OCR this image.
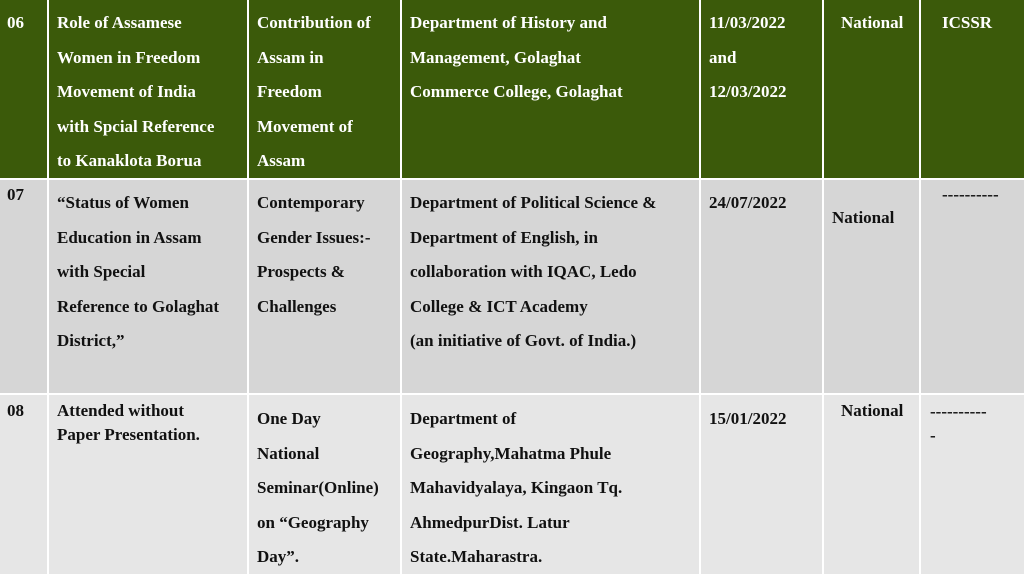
06 Role of Assamese
Women in Freedom
Movement of India
with Spcial Reference
to Kanaklota Borua
Contribution of
Assam in
Freedom
Movement of
Assam
Department of History and
Management, Golaghat
Commerce College, Golaghat
11/03/2022
and
12/03/2022
National ICSSR
07 “Status of Women
Education in Assam
with Special
Reference to Golaghat
District,”
Contemporary
Gender Issues:-
Prospects &
Challenges
Department of Political Science &
Department of English, in
collaboration with IQAC, Ledo
College & ICT Academy
(an initiative of Govt. of India.)
24/07/2022
National
----------
08 Attended without
Paper Presentation.
One Day
National
Seminar(Online)
on “Geography
Day”.
Department of
Geography,Mahatma Phule
Mahavidyalaya, Kingaon Tq.
AhmedpurDist. Latur
State.Maharastra.
15/01/2022	National ----------
-
